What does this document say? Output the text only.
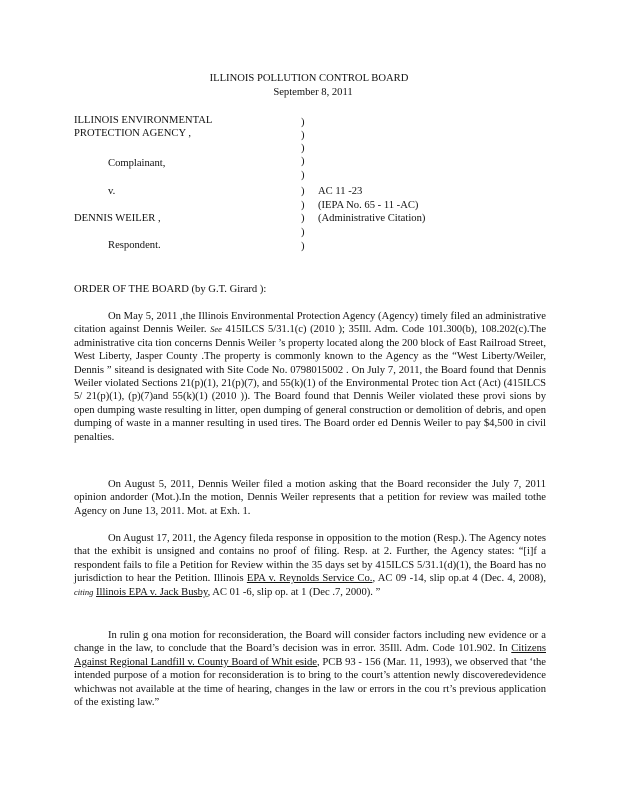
ILLINOIS POLLUTION CONTROL BOARD
September 8, 2011
ILLINOIS ENVIRONMENTAL
PROTECTION AGENCY ,
Complainant,
v.
DENNIS WEILER ,
Respondent.
)
)
)
)
)
)
)
)
)
)
AC 11 -23
(IEPA No. 65 - 11 -AC)
(Administrative Citation)
ORDER OF THE BOARD (by G.T. Girard ):

On May 5, 2011 ,the Illinois Environmental Protection Agency (Agency) timely filed an administrative citation against Dennis Weiler. See 415ILCS 5/31.1(c) (2010 ); 35Ill. Adm. Code 101.300(b), 108.202(c).The administrative cita tion concerns Dennis Weiler ’s property located along the 200 block of East Railroad Street, West Liberty, Jasper County .The property is commonly known to the Agency as the “West Liberty/Weiler, Dennis ” siteand is designated with Site Code No. 0798015002 . On July 7, 2011, the Board found that Dennis Weiler violated Sections 21(p)(1), 21(p)(7), and 55(k)(1) of the Environmental Protec tion Act (Act) (415ILCS 5/ 21(p)(1), (p)(7)and 55(k)(1) (2010 )). The Board found that Dennis Weiler violated these provi sions by open dumping waste resulting in litter, open dumping of general construction or demolition of debris, and open dumping of waste in a manner resulting in used tires. The Board order ed Dennis Weiler to pay $4,500 in civil penalties.

On August 5, 2011, Dennis Weiler filed a motion asking that the Board reconsider the July 7, 2011 opinion andorder (Mot.).In the motion, Dennis Weiler represents that a petition for review was mailed tothe Agency on June 13, 2011. Mot. at Exh. 1.

On August 17, 2011, the Agency fileda response in opposition to the motion (Resp.). The Agency notes that the exhibit is unsigned and contains no proof of filing. Resp. at 2. Further, the Agency states: “[i]f a respondent fails to file a Petition for Review within the 35 days set by 415ILCS 5/31.1(d)(1), the Board has no jurisdiction to hear the Petition. Illinois EPA v. Reynolds Service Co., AC 09 -14, slip op.at 4 (Dec. 4, 2008), citing Illinois EPA v. Jack Busby, AC 01 -6, slip op. at 1 (Dec .7, 2000). ”

In rulin g ona motion for reconsideration, the Board will consider factors including new evidence or a change in the law, to conclude that the Board’s decision was in error. 35Ill. Adm. Code 101.902. In Citizens Against Regional Landfill v. County Board of Whit eside, PCB 93 - 156 (Mar. 11, 1993), we observed that ‘the intended purpose of a motion for reconsideration is to bring to the court’s attention newly discoveredevidence whichwas not available at the time of hearing, changes in the law or errors in the cou rt’s previous application of the existing law.”
